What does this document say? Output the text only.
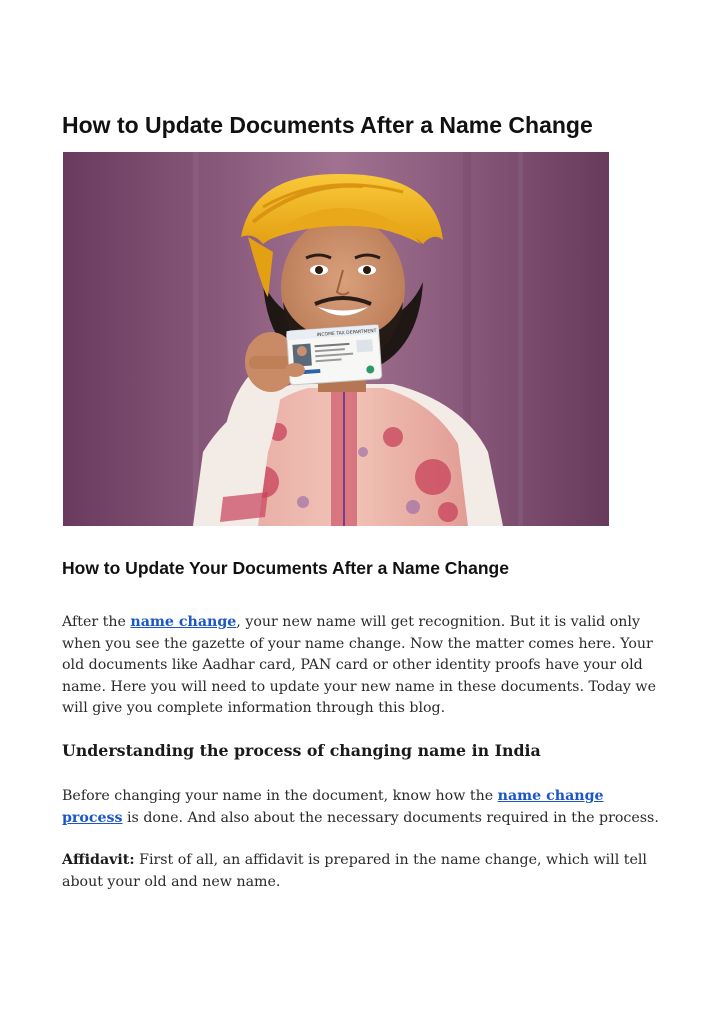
How to Update Documents After a Name Change
INCOME TAX DEPARTMENT
How to Update Your Documents After a Name Change

After the name change, your new name will get recognition. But it is valid only when you see the gazette of your name change. Now the matter comes here. Your old documents like Aadhar card, PAN card or other identity proofs have your old name. Here you will need to update your new name in these documents. Today we will give you complete information through this blog.

Understanding the process of changing name in India

Before changing your name in the document, know how the name change process is done. And also about the necessary documents required in the process.

Affidavit: First of all, an affidavit is prepared in the name change, which will tell about your old and new name.
